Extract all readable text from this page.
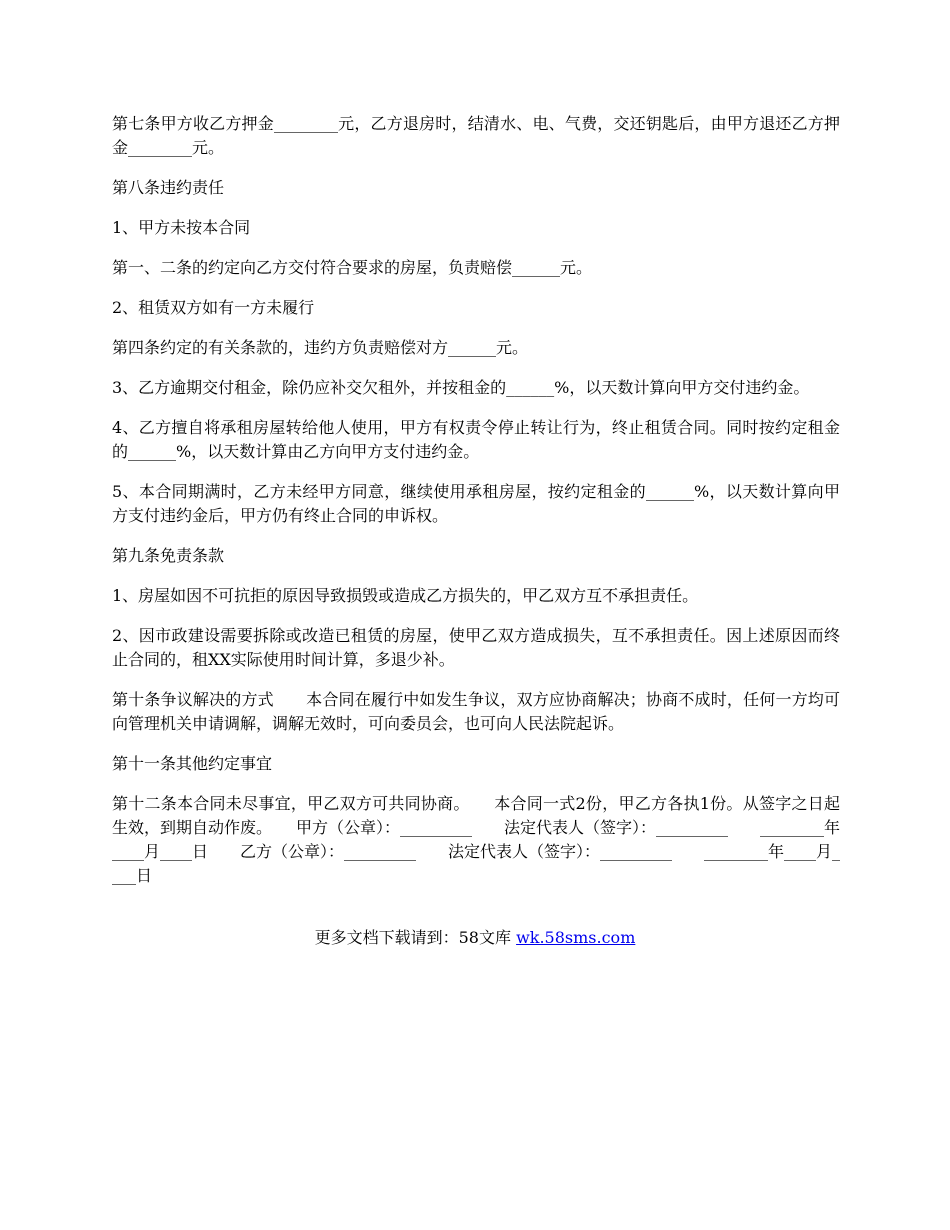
第七条甲方收乙方押金________元，乙方退房时，结清水、电、气费，交还钥匙后，由甲方退还乙方押金________元。

第八条违约责任

1、甲方未按本合同

第一、二条的约定向乙方交付符合要求的房屋，负责赔偿______元。

2、租赁双方如有一方未履行

第四条约定的有关条款的，违约方负责赔偿对方______元。

3、乙方逾期交付租金，除仍应补交欠租外，并按租金的______%，以天数计算向甲方交付违约金。

4、乙方擅自将承租房屋转给他人使用，甲方有权责令停止转让行为，终止租赁合同。同时按约定租金的______%，以天数计算由乙方向甲方支付违约金。

5、本合同期满时，乙方未经甲方同意，继续使用承租房屋，按约定租金的______%，以天数计算向甲方支付违约金后，甲方仍有终止合同的申诉权。

第九条免责条款

1、房屋如因不可抗拒的原因导致损毁或造成乙方损失的，甲乙双方互不承担责任。

2、因市政建设需要拆除或改造已租赁的房屋，使甲乙双方造成损失，互不承担责任。因上述原因而终止合同的，租XX实际使用时间计算，多退少补。

第十条争议解决的方式　　本合同在履行中如发生争议，双方应协商解决；协商不成时，任何一方均可向管理机关申请调解，调解无效时，可向委员会，也可向人民法院起诉。

第十一条其他约定事宜

第十二条本合同未尽事宜，甲乙双方可共同协商。　　本合同一式2份，甲乙方各执1份。从签字之日起生效，到期自动作废。　　甲方（公章）：_________　　法定代表人（签字）：_________　　________年____月____日　　乙方（公章）：_________　　法定代表人（签字）：_________　　________年____月____日

更多文档下载请到：58文库 wk.58sms.com
